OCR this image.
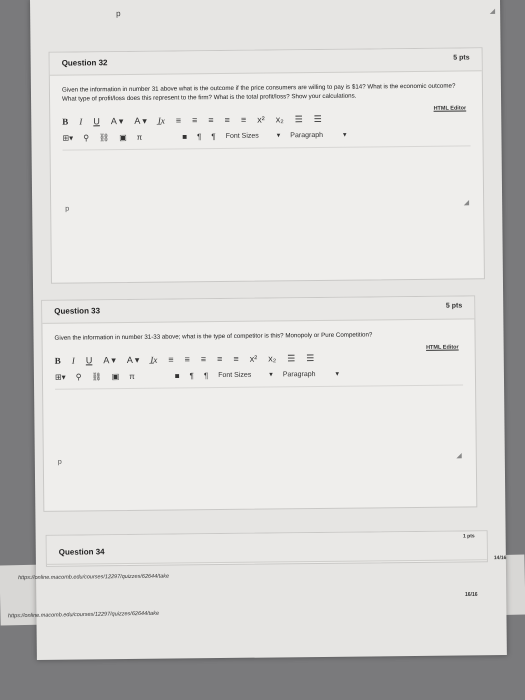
p	◢
Question 32
5 pts
Given the information in number 31 above what is the outcome if the price consumers are willing to pay is $14? What is the economic outcome? What type of profit/loss does this represent to the firm? What is the total profit/loss? Show your calculations.
HTML Editor
B I U A ▾ A ▾ I̲x ≡ ≡ ≡ ≡ ≡ x² x₂ ☰ ☰
⊞▾ ⚲ ⛓ ▣ π	■ ¶ ¶ Font Sizes	▾ Paragraph	▾
p
◢
Question 33
5 pts
Given the information in number 31-33 above; what is the type of competitor is this? Monopoly or Pure Competition?
HTML Editor
B I U A ▾ A ▾ I̲x ≡ ≡ ≡ ≡ ≡ x² x₂ ☰ ☰
⊞▾ ⚲ ⛓ ▣ π	■ ¶ ¶ Font Sizes	▾ Paragraph	▾
p
◢
Question 34
1 pts
https://online.macomb.edu/courses/12297/quizzes/62644/take
14/16
https://online.macomb.edu/courses/12297/quizzes/62644/take
16/16
